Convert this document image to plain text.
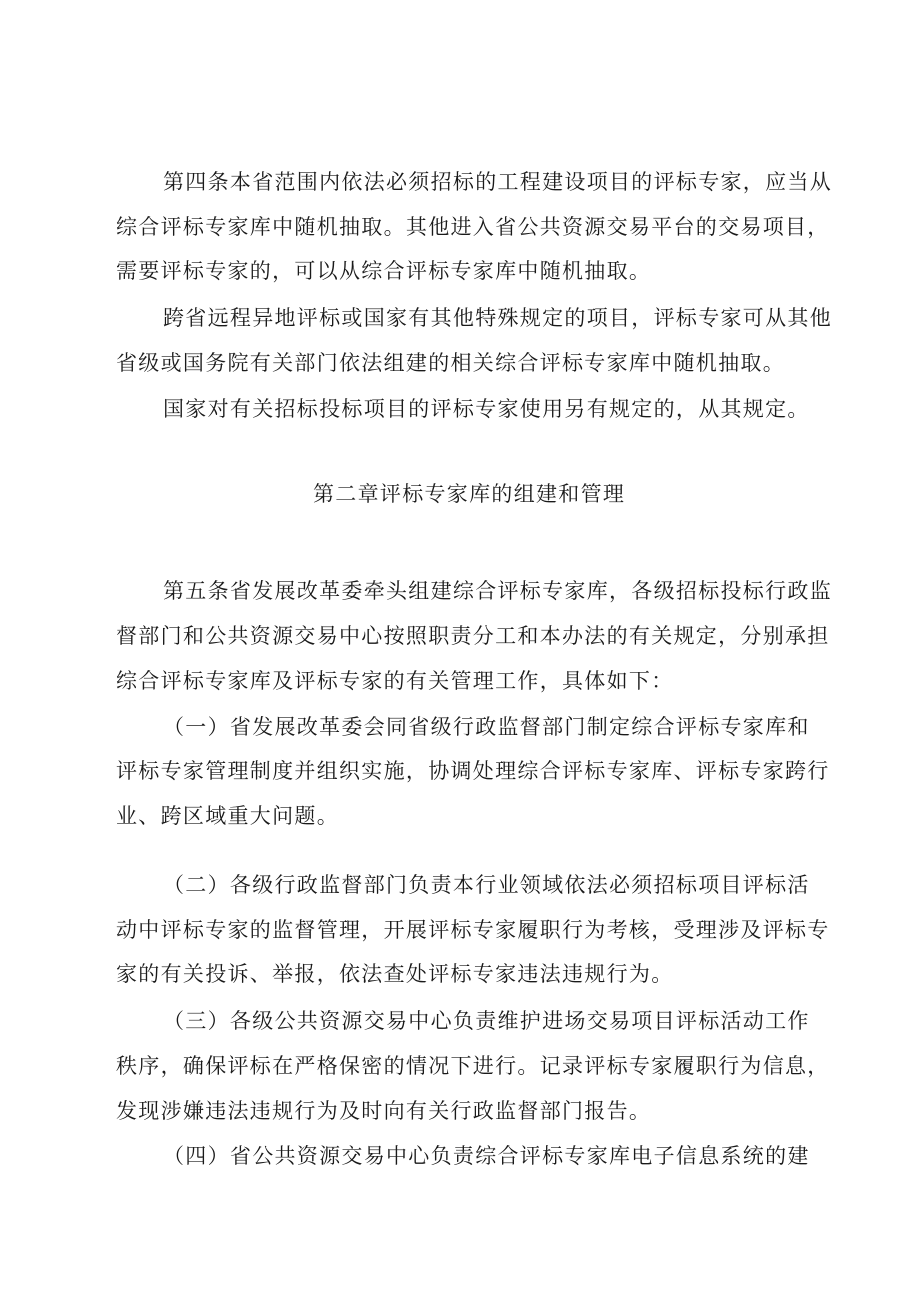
第四条本省范围内依法必须招标的工程建设项目的评标专家，应当从
综合评标专家库中随机抽取。其他进入省公共资源交易平台的交易项目，
需要评标专家的，可以从综合评标专家库中随机抽取。
跨省远程异地评标或国家有其他特殊规定的项目，评标专家可从其他
省级或国务院有关部门依法组建的相关综合评标专家库中随机抽取。
国家对有关招标投标项目的评标专家使用另有规定的，从其规定。
第二章评标专家库的组建和管理
第五条省发展改革委牵头组建综合评标专家库，各级招标投标行政监
督部门和公共资源交易中心按照职责分工和本办法的有关规定，分别承担
综合评标专家库及评标专家的有关管理工作，具体如下：
（一）省发展改革委会同省级行政监督部门制定综合评标专家库和
评标专家管理制度并组织实施，协调处理综合评标专家库、评标专家跨行
业、跨区域重大问题。
（二）各级行政监督部门负责本行业领域依法必须招标项目评标活
动中评标专家的监督管理，开展评标专家履职行为考核，受理涉及评标专
家的有关投诉、举报，依法查处评标专家违法违规行为。
（三）各级公共资源交易中心负责维护进场交易项目评标活动工作
秩序，确保评标在严格保密的情况下进行。记录评标专家履职行为信息，
发现涉嫌违法违规行为及时向有关行政监督部门报告。
（四）省公共资源交易中心负责综合评标专家库电子信息系统的建
